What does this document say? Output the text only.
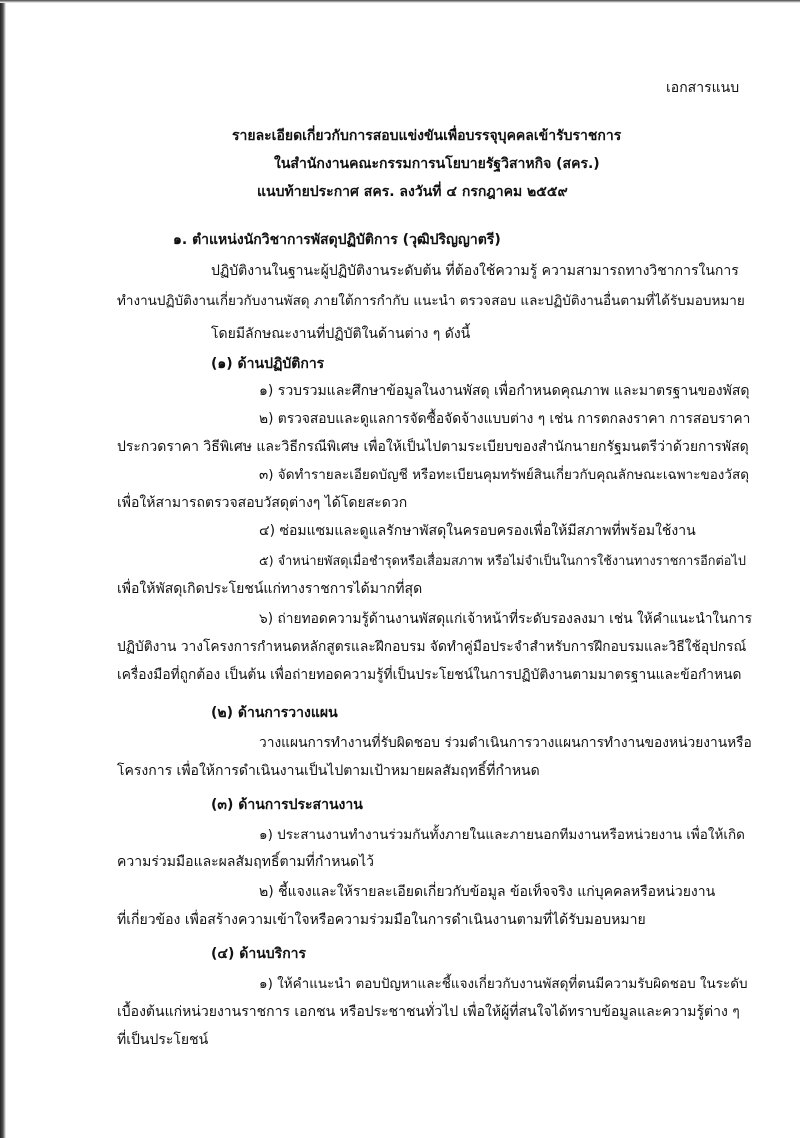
เอกสารแนบ
รายละเอียดเกี่ยวกับการสอบแข่งขันเพื่อบรรจุบุคคลเข้ารับราชการ
ในสำนักงานคณะกรรมการนโยบายรัฐวิสาหกิจ (สคร.)
แนบท้ายประกาศ สคร. ลงวันที่ ๔ กรกฎาคม ๒๕๕๙
๑. ตำแหน่งนักวิชาการพัสดุปฏิบัติการ (วุฒิปริญญาตรี)
ปฏิบัติงานในฐานะผู้ปฏิบัติงานระดับต้น ที่ต้องใช้ความรู้ ความสามารถทางวิชาการในการ
ทำงานปฏิบัติงานเกี่ยวกับงานพัสดุ ภายใต้การกำกับ แนะนำ ตรวจสอบ และปฏิบัติงานอื่นตามที่ได้รับมอบหมาย
โดยมีลักษณะงานที่ปฏิบัติในด้านต่าง ๆ ดังนี้
(๑) ด้านปฏิบัติการ
๑) รวบรวมและศึกษาข้อมูลในงานพัสดุ เพื่อกำหนดคุณภาพ และมาตรฐานของพัสดุ
๒) ตรวจสอบและดูแลการจัดซื้อจัดจ้างแบบต่าง ๆ เช่น การตกลงราคา การสอบราคา
ประกวดราคา วิธีพิเศษ และวิธีกรณีพิเศษ เพื่อให้เป็นไปตามระเบียบของสำนักนายกรัฐมนตรีว่าด้วยการพัสดุ
๓) จัดทำรายละเอียดบัญชี หรือทะเบียนคุมทรัพย์สินเกี่ยวกับคุณลักษณะเฉพาะของวัสดุ
เพื่อให้สามารถตรวจสอบวัสดุต่างๆ ได้โดยสะดวก
๔) ซ่อมแซมและดูแลรักษาพัสดุในครอบครองเพื่อให้มีสภาพที่พร้อมใช้งาน
๕) จำหน่ายพัสดุเมื่อชำรุดหรือเสื่อมสภาพ หรือไม่จำเป็นในการใช้งานทางราชการอีกต่อไป
เพื่อให้พัสดุเกิดประโยชน์แก่ทางราชการได้มากที่สุด
๖) ถ่ายทอดความรู้ด้านงานพัสดุแก่เจ้าหน้าที่ระดับรองลงมา เช่น ให้คำแนะนำในการ
ปฏิบัติงาน วางโครงการกำหนดหลักสูตรและฝึกอบรม จัดทำคู่มือประจำสำหรับการฝึกอบรมและวิธีใช้อุปกรณ์
เครื่องมือที่ถูกต้อง เป็นต้น เพื่อถ่ายทอดความรู้ที่เป็นประโยชน์ในการปฏิบัติงานตามมาตรฐานและข้อกำหนด
(๒) ด้านการวางแผน
วางแผนการทำงานที่รับผิดชอบ ร่วมดำเนินการวางแผนการทำงานของหน่วยงานหรือ
โครงการ เพื่อให้การดำเนินงานเป็นไปตามเป้าหมายผลสัมฤทธิ์ที่กำหนด
(๓) ด้านการประสานงาน
๑) ประสานงานทำงานร่วมกันทั้งภายในและภายนอกทีมงานหรือหน่วยงาน เพื่อให้เกิด
ความร่วมมือและผลสัมฤทธิ์ตามที่กำหนดไว้
๒) ชี้แจงและให้รายละเอียดเกี่ยวกับข้อมูล ข้อเท็จจริง แก่บุคคลหรือหน่วยงาน
ที่เกี่ยวข้อง เพื่อสร้างความเข้าใจหรือความร่วมมือในการดำเนินงานตามที่ได้รับมอบหมาย
(๔) ด้านบริการ
๑) ให้คำแนะนำ ตอบปัญหาและชี้แจงเกี่ยวกับงานพัสดุที่ตนมีความรับผิดชอบ ในระดับ
เบื้องต้นแก่หน่วยงานราชการ เอกชน หรือประชาชนทั่วไป เพื่อให้ผู้ที่สนใจได้ทราบข้อมูลและความรู้ต่าง ๆ
ที่เป็นประโยชน์
